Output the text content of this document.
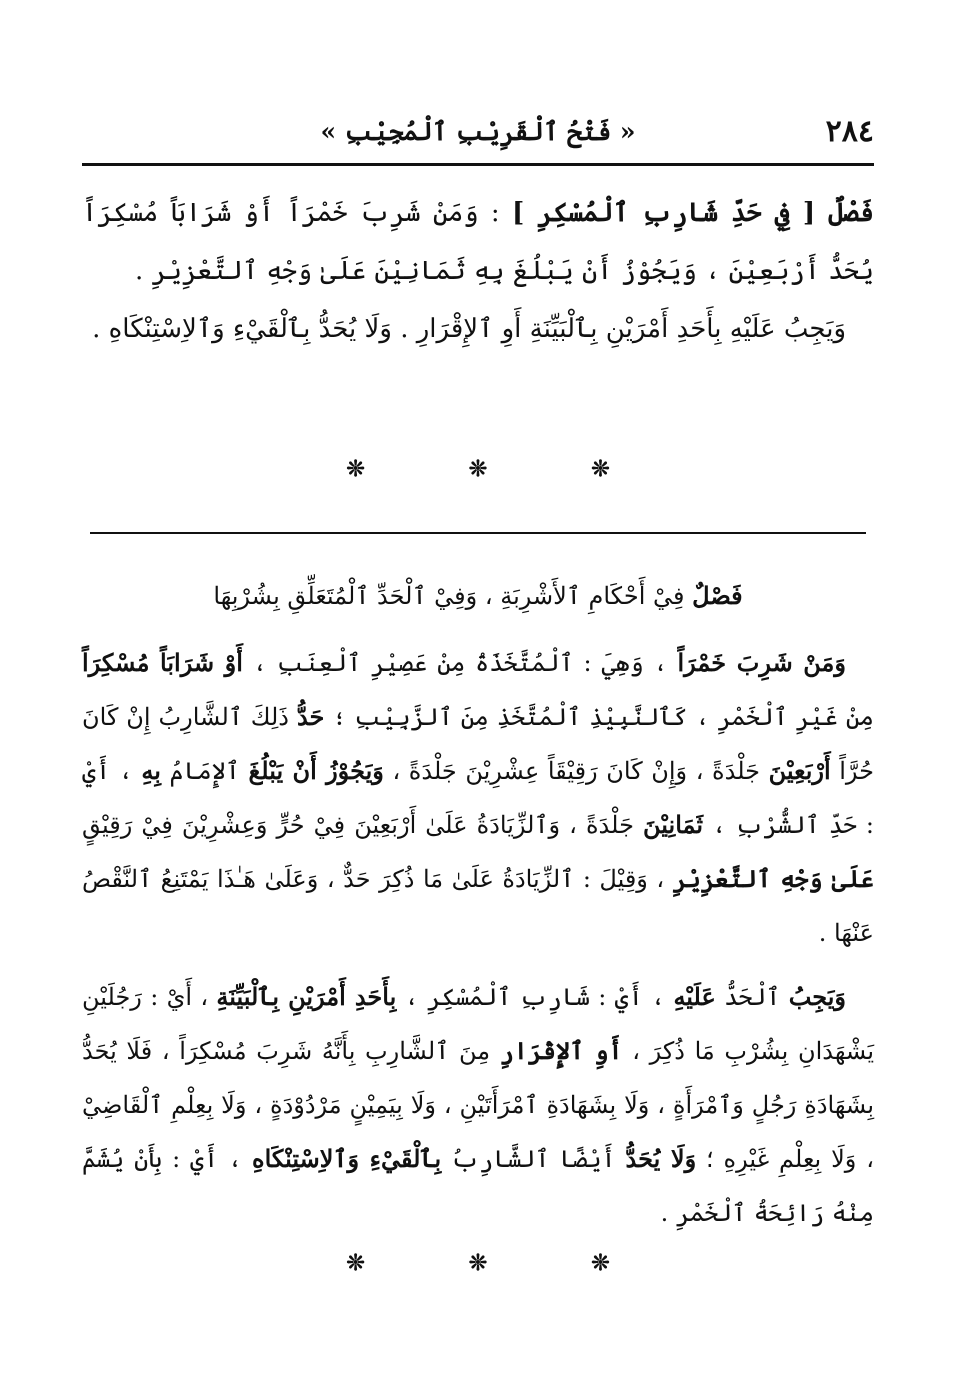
٢٨٤
« فَتْحُ ٱلْقَرِيْبِ ٱلْمُجِيْبِ »

فَصْلٌ [ فِي حَدِّ شَارِبِ ٱلْمُسْكِرِ ] : وَمَنْ شَرِبَ خَمْرَاً أَوْ شَرَابَاً مُسْكِرَاً يُحَدُّ أَرْبَعِيْنَ ، وَيَجُوْزُ أَنْ يَبْلُغَ بِهِ ثَمَانِيْنَ عَلَىٰ وَجْهِ ٱلتَّعْزِيْرِ .

وَيَجِبُ عَلَيْهِ بِأَحَدِ أَمْرَيْنِ بِٱلْبَيِّنَةِ أَوِ ٱلإِقْرَارِ . وَلَا يُحَدُّ بِٱلْقَيْءِ وَٱلاِسْتِنْكَاهِ .

❊	❊	❊
فَصْلٌ فِيْ أَحْكَامِ ٱلأَشْرِبَةِ ، وَفِيْ ٱلْحَدِّ ٱلْمُتَعَلِّقِ بِشُرْبِهَا

وَمَنْ شَرِبَ خَمْرَاً ، وَهِيَ : ٱلْمُتَّخَذَةُ مِنْ عَصِيْرِ ٱلْعِنَبِ ، أَوْ شَرَابَاً مُسْكِرَاً مِنْ غَيْرِ ٱلْخَمْرِ ، كَٱلنَّبِيْذِ ٱلْمُتَّخَذِ مِنَ ٱلزَّبِيْبِ ؛ حَدُّ ذَلِكَ ٱلشَّارِبُ إِنْ كَانَ حُرَّاً أَرْبَعِيْنَ جَلْدَةً ، وَإِنْ كَانَ رَقِيْقَاً عِشْرِيْنَ جَلْدَةً ، وَيَجُوْزُ أَنْ يَبْلُغَ ٱلإِمَامُ بِهِ ، أَيْ : حَدِّ ٱلشُّرْبِ ، ثَمَانِيْنَ جَلْدَةً ، وَٱلزِّيَادَةُ عَلَىٰ أَرْبَعِيْنَ فِيْ حُرٍّ وَعِشْرِيْنَ فِيْ رَقِيْقٍ عَلَىٰ وَجْهِ ٱلتَّعْزِيْرِ ، وَقِيْلَ : ٱلزِّيَادَةُ عَلَىٰ مَا ذُكِرَ حَدٌّ ، وَعَلَىٰ هَـٰذَا يَمْتَنِعُ ٱلنَّقْصُ عَنْهَا .

وَيَجِبُ ٱلْحَدُّ عَلَيْهِ ، أَيْ : شَارِبِ ٱلْمُسْكِرِ ، بِأَحَدِ أَمْرَيْنِ بِٱلْبَيِّنَةِ ، أَيْ : رَجُلَيْنِ يَشْهَدَانِ بِشُرْبِ مَا ذُكِرَ ، أَوِ ٱلإِقْرَارِ مِنَ ٱلشَّارِبِ بِأَنَّهُ شَرِبَ مُسْكِرَاً ، فَلَا يُحَدُّ بِشَهَادَةِ رَجُلٍ وَٱمْرَأَةٍ ، وَلَا بِشَهَادَةِ ٱمْرَأَتَيْنِ ، وَلَا بِيَمِيْنٍ مَرْدُوْدَةٍ ، وَلَا بِعِلْمِ ٱلْقَاضِيْ ، وَلَا بِعِلْمِ غَيْرِهِ ؛ وَلَا يُحَدُّ أَيْضًا ٱلشَّارِبُ بِٱلْقَيْءِ وَٱلاِسْتِنْكَاهِ ، أَيْ : بِأَنْ يُشَمَّ مِنْهُ رَائِحَةُ ٱلْخَمْرِ .

❊	❊	❊
